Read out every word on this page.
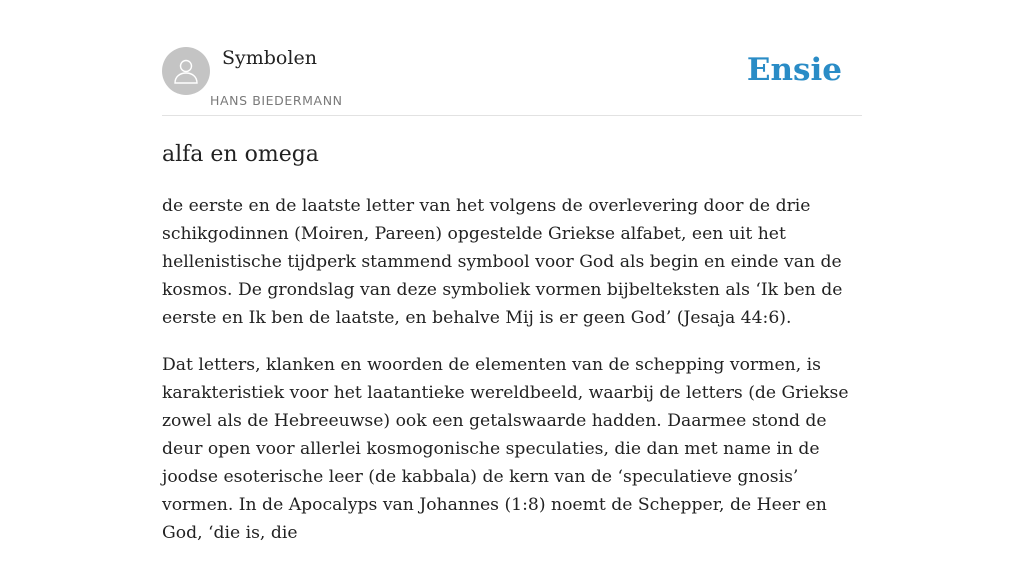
Symbolen
HANS BIEDERMANN
Ensie
alfa en omega

de eerste en de laatste letter van het volgens de overlevering door de drie schikgodinnen (Moiren, Pareen) opgestelde Griekse alfabet, een uit het hellenistische tijdperk stammend symbool voor God als begin en einde van de kosmos. De grondslag van deze symboliek vormen bijbelteksten als ‘Ik ben de eerste en Ik ben de laatste, en behalve Mij is er geen God’ (Jesaja 44:6).

Dat letters, klanken en woorden de elementen van de schepping vormen, is karakteristiek voor het laatantieke wereldbeeld, waarbij de letters (de Griekse zowel als de Hebreeuwse) ook een getalswaarde hadden. Daarmee stond de deur open voor allerlei kosmogonische speculaties, die dan met name in de joodse esoterische leer (de kabbala) de kern van de ‘speculatieve gnosis’ vormen. In de Apocalyps van Johannes (1:8) noemt de Schepper, de Heer en God, ‘die is, die
